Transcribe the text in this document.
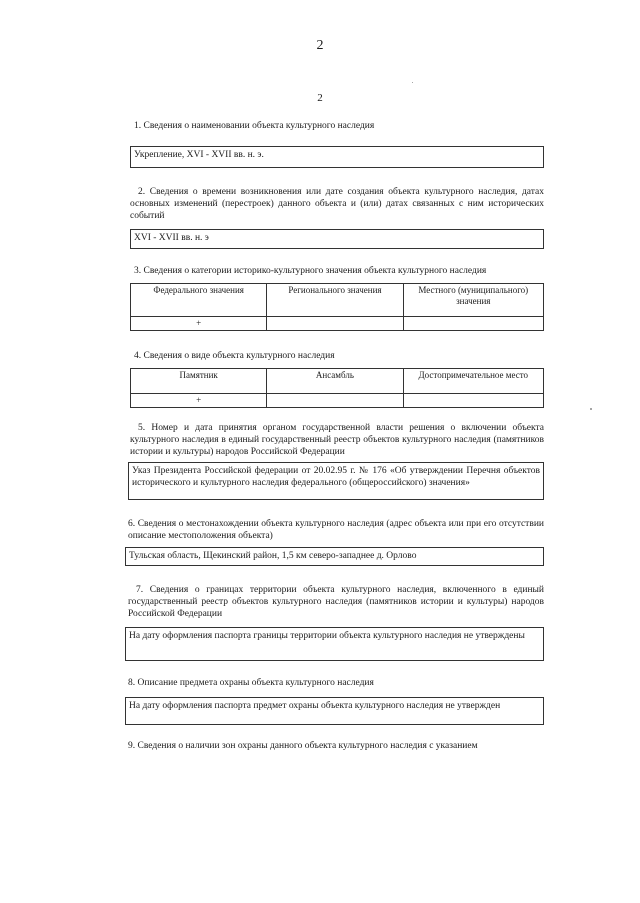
2
2
1. Сведения о наименовании объекта культурного наследия
Укрепление, XVI - XVII вв. н. э.
2. Сведения о времени возникновения или дате создания объекта культурного наследия, датах основных изменений (перестроек) данного объекта и (или) датах связанных с ним исторических событий
XVI - XVII вв. н. э
3. Сведения о категории историко-культурного значения объекта культурного наследия
Федерального значения	Регионального значения	Местного (муниципального) значения
+		
4. Сведения о виде объекта культурного наследия
Памятник	Ансамбль	Достопримечательное место
+		
5. Номер и дата принятия органом государственной власти решения о включении объекта культурного наследия в единый государственный реестр объектов культурного наследия (памятников истории и культуры) народов Российской Федерации
Указ Президента Российской федерации от 20.02.95 г. № 176 «Об утверждении Перечня объектов исторического и культурного наследия федерального (общероссийского) значения»
6. Сведения о местонахождении объекта культурного наследия (адрес объекта или при его отсутствии описание местоположения объекта)
Тульская область, Щекинский район, 1,5 км северо-западнее д. Орлово
7. Сведения о границах территории объекта культурного наследия, включенного в единый государственный реестр объектов культурного наследия (памятников истории и культуры) народов Российской Федерации
На дату оформления паспорта границы территории объекта культурного наследия не утверждены
8. Описание предмета охраны объекта культурного наследия
На дату оформления паспорта предмет охраны объекта культурного наследия не утвержден
9. Сведения о наличии зон охраны данного объекта культурного наследия с указанием
